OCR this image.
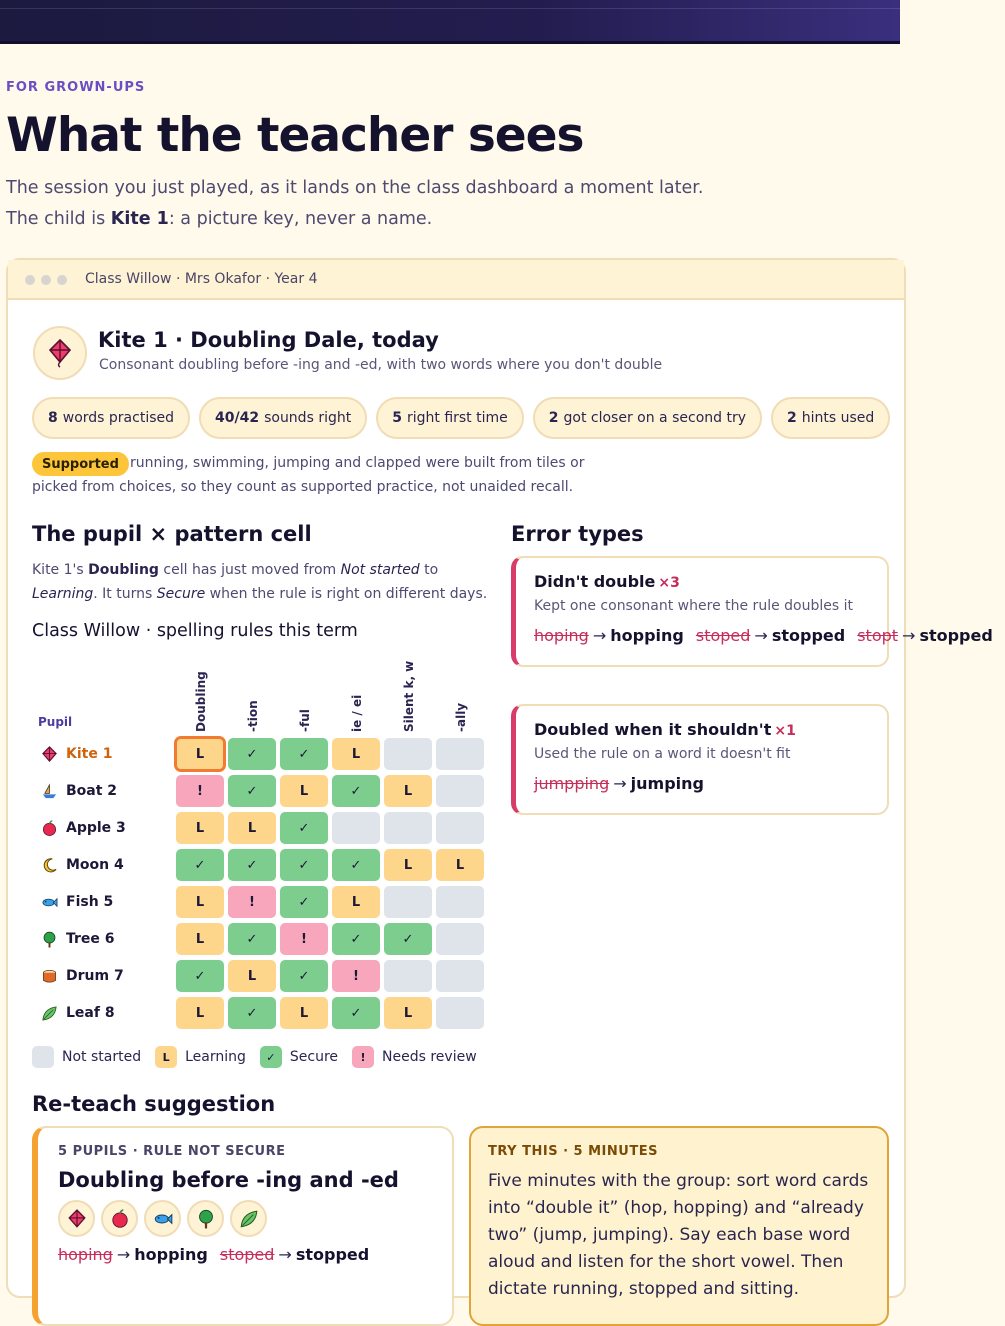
FOR GROWN-UPS
What the teacher sees
The session you just played, as it lands on the class dashboard a moment later.
The child is Kite 1: a picture key, never a name.
Class Willow · Mrs Okafor · Year 4
Kite 1 · Doubling Dale, today
Consonant doubling before -ing and -ed, with two words where you don't double
8 words practised	40/42 sounds right	5 right first time	2 got closer on a second try	2 hints used
Supported running, swimming, jumping and clapped were built from tiles or
picked from choices, so they count as supported practice, not unaided recall.
The pupil × pattern cell
Kite 1's Doubling cell has just moved from Not started to Learning. It turns Secure when the rule is right on different days.
Class Willow · spelling rules this term
Doubling	-tion	-ful	ie / ei	Silent k, w	-ally
Pupil
Kite 1	L	✓	✓	L
Boat 2	!	✓	L	✓	L
Apple 3	L	L	✓
Moon 4	✓	✓	✓	✓	L	L
Fish 5	L	!	✓	L
Tree 6	L	✓	!	✓	✓
Drum 7	✓	L	✓	!
Leaf 8	L	✓	L	✓	L
Not started	L	Learning	✓	Secure	!	Needs review
Error types
Didn't double ×3
Kept one consonant where the rule doubles it
hoping → hopping stoped → stopped stopt → stopped
Doubled when it shouldn't ×1
Used the rule on a word it doesn't fit
jumpping → jumping
Re-teach suggestion
5 PUPILS · RULE NOT SECURE
Doubling before -ing and -ed
hoping → hopping stoped → stopped
TRY THIS · 5 MINUTES
Five minutes with the group: sort word cards into “double it” (hop, hopping) and “already two” (jump, jumping). Say each base word aloud and listen for the short vowel. Then dictate running, stopped and sitting.
